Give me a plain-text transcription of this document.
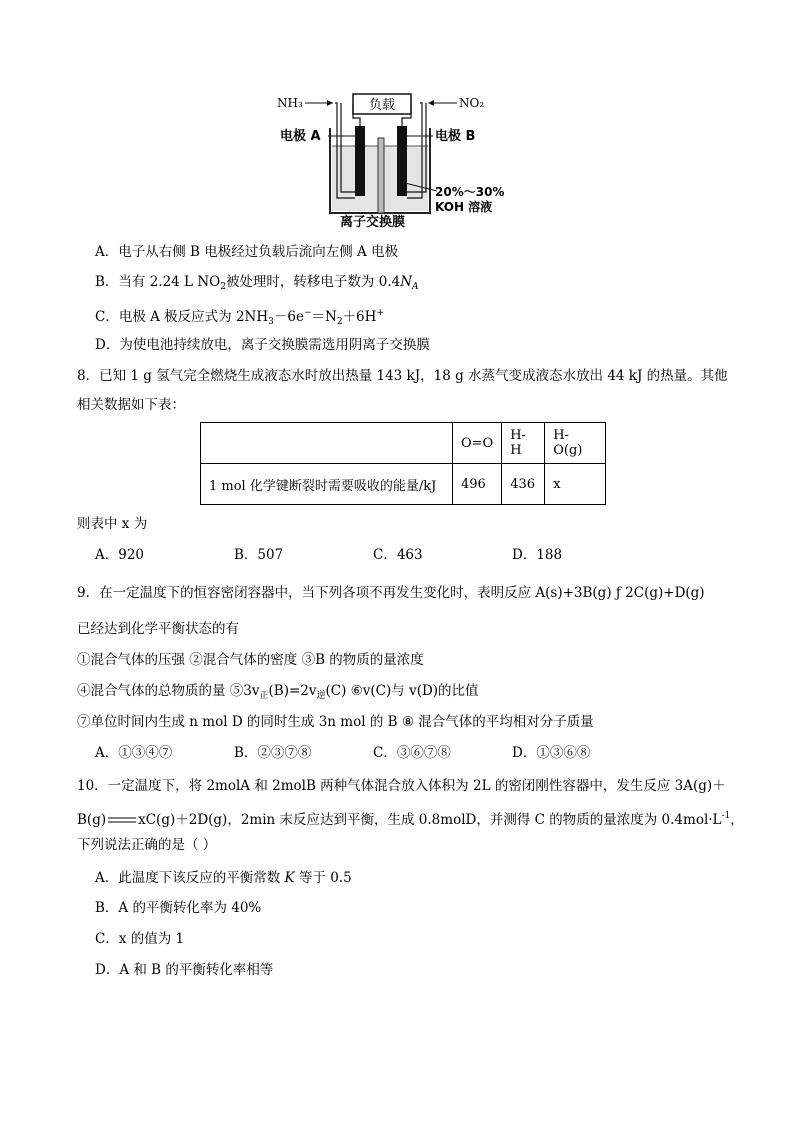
负载
NH₃	NO₂
电极 A	电极 B
20%～30%
KOH 溶液
离子交换膜
A．电子从右侧 B 电极经过负载后流向左侧 A 电极
B．当有 2.24 L $NO_2$被处理时，转移电子数为 $0.4N_A$
C．电极 A 极反应式为 $2NH_3-6e^-=N_2+6H^+$
D．为使电池持续放电，离子交换膜需选用阴离子交换膜
8．已知 1 g 氢气完全燃烧生成液态水时放出热量 143 kJ，18 g 水蒸气变成液态水放出 44 kJ 的热量。其他
相关数据如下表：
	O=O	H-H	H-O(g)
1 mol 化学键断裂时需要吸收的能量/kJ	496	436	x
则表中 x 为
A．920	B．507	C．463	D．188
9．在一定温度下的恒容密闭容器中，当下列各项不再发生变化时，表明反应 A(s)+3B(g) ƒ 2C(g)+D(g)
已经达到化学平衡状态的有
①混合气体的压强 ②混合气体的密度 ③B 的物质的量浓度
④混合气体的总物质的量 $⑤3v_正(B)=2v_逆(C)$ ⑥v(C)与 v(D)的比值
⑦单位时间内生成 n mol D 的同时生成 3n mol 的 B ⑧ 混合气体的平均相对分子质量
A．①③④⑦	B．②③⑦⑧	C．③⑥⑦⑧	D．①③⑥⑧
10．一定温度下，将 2molA 和 2molB 两种气体混合放入体积为 2L 的密闭刚性容器中，发生反应 3A(g)＋
B(g) xC(g)＋2D(g)，2min 末反应达到平衡，生成 0.8molD，并测得 C 的物质的量浓度为 $0.4mol\cdot L^{-1}$，
下列说法正确的是（ ）
A．此温度下该反应的平衡常数 K 等于 0.5
B．A 的平衡转化率为 40%
C．x 的值为 1
D．A 和 B 的平衡转化率相等
